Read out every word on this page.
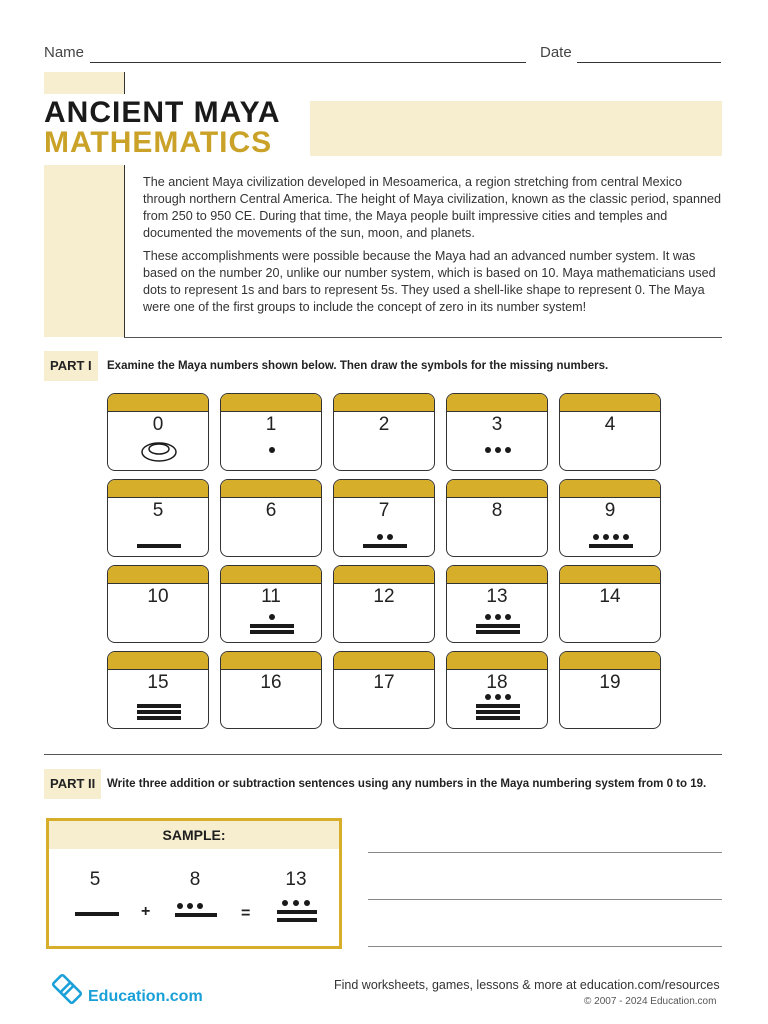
Name	Date
ANCIENT MAYA
MATHEMATICS

The ancient Maya civilization developed in Mesoamerica, a region stretching from central Mexico through northern Central America. The height of Maya civilization, known as the classic period, spanned from 250 to 950 CE. During that time, the Maya people built impressive cities and temples and documented the movements of the sun, moon, and planets.

These accomplishments were possible because the Maya had an advanced number system. It was based on the number 20, unlike our number system, which is based on 10. Maya mathematicians used dots to represent 1s and bars to represent 5s. They used a shell-like shape to represent 0. The Maya were one of the first groups to include the concept of zero in its number system!

PART I	Examine the Maya numbers shown below. Then draw the symbols for the missing numbers.
0	1	2	3	4
5	6	7	8	9
10	11	12	13	14
15	16	17	18	19
PART II	Write three addition or subtraction sentences using any numbers in the Maya numbering system from 0 to 19.
SAMPLE:
5	8	13
+	=
Education.com
Find worksheets, games, lessons & more at education.com/resources
© 2007 - 2024 Education.com
